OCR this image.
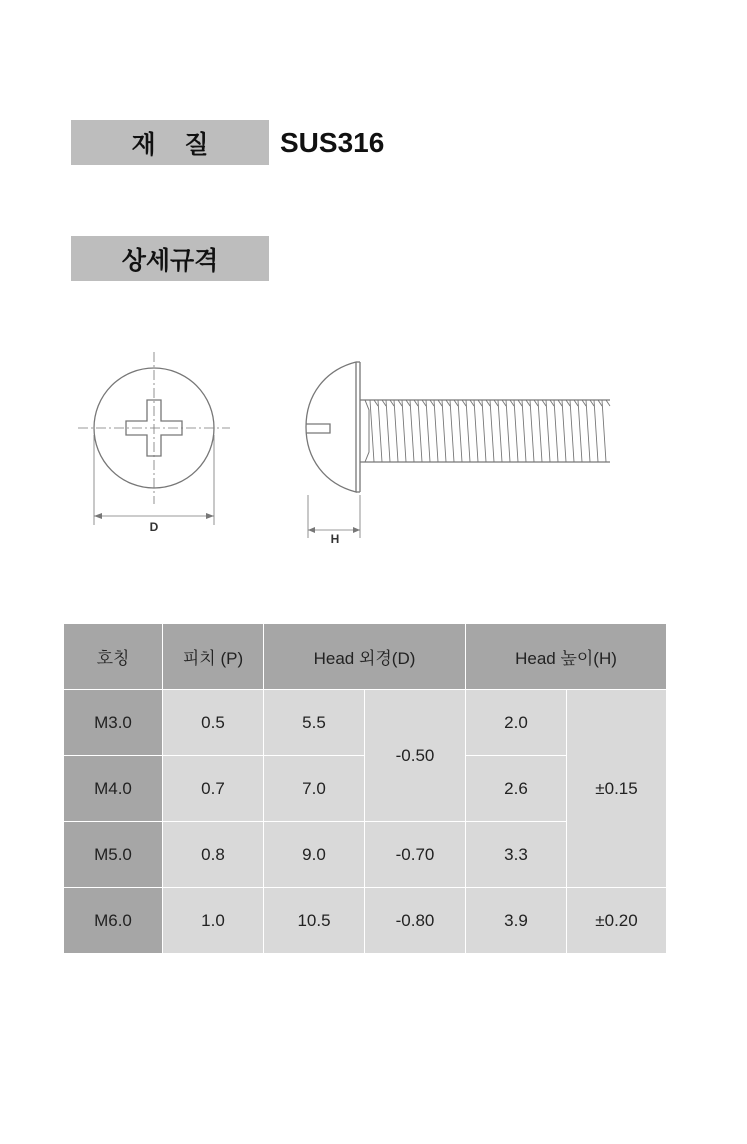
재 질	SUS316
상세규격
D
H
호칭	피치 (P)	Head 외경(D)		Head 높이(H)	
M3.0	0.5	5.5	-0.50	2.0	±0.15
M4.0	0.7	7.0		2.6	
M5.0	0.8	9.0	-0.70	3.3	
M6.0	1.0	10.5	-0.80	3.9	±0.20
